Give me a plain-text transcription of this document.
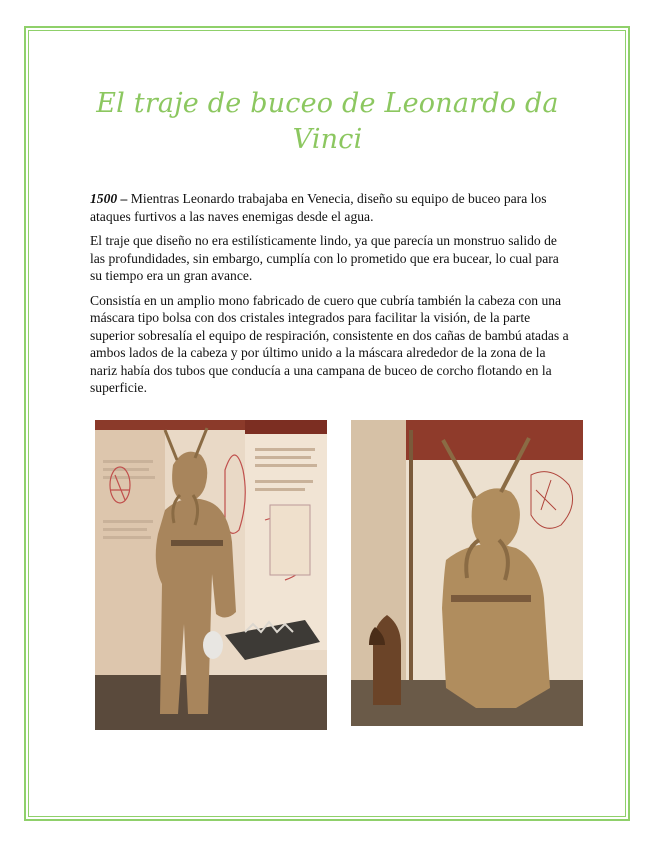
El traje de buceo de Leonardo da Vinci

1500 – Mientras Leonardo trabajaba en Venecia, diseño su equipo de buceo para los ataques furtivos a las naves enemigas desde el agua.

El traje que diseño no era estilísticamente lindo, ya que parecía un monstruo salido de las profundidades, sin embargo, cumplía con lo prometido que era bucear, lo cual para su tiempo era un gran avance.

Consistía en un amplio mono fabricado de cuero que cubría también la cabeza con una máscara tipo bolsa con dos cristales integrados para facilitar la visión, de la parte superior sobresalía el equipo de respiración, consistente en dos cañas de bambú atadas a ambos lados de la cabeza y por último unido a la máscara alrededor de la zona de la nariz había dos tubos que conducía a una campana de buceo de corcho flotando en la superficie.
